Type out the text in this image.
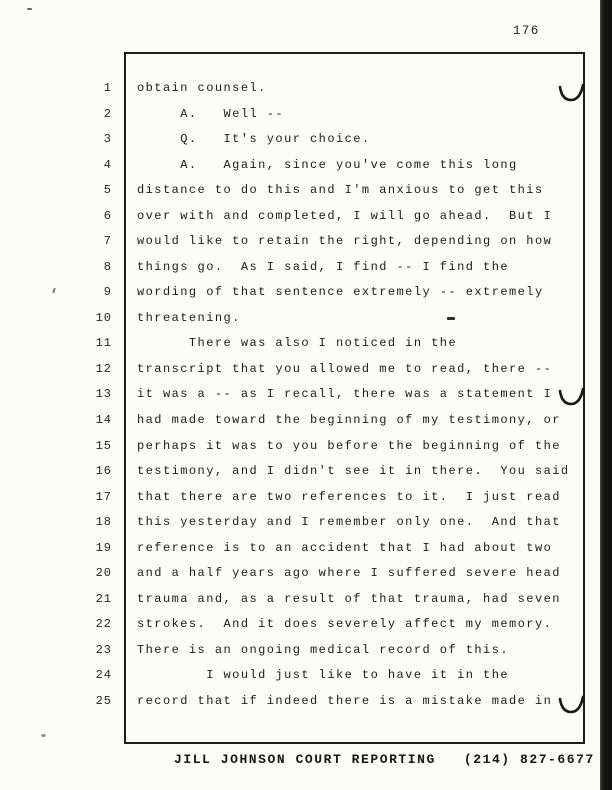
176
1 obtain counsel.
2 A.   Well --
3 Q.   It's your choice.
4 A.   Again, since you've come this long
5 distance to do this and I'm anxious to get this
6 over with and completed, I will go ahead.  But I
7 would like to retain the right, depending on how
8 things go.  As I said, I find -- I find the
9 wording of that sentence extremely -- extremely
10 threatening.
11 There was also I noticed in the
12 transcript that you allowed me to read, there --
13 it was a -- as I recall, there was a statement I
14 had made toward the beginning of my testimony, or
15 perhaps it was to you before the beginning of the
16 testimony, and I didn't see it in there.  You said
17 that there are two references to it.  I just read
18 this yesterday and I remember only one.  And that
19 reference is to an accident that I had about two
20 and a half years ago where I suffered severe head
21 trauma and, as a result of that trauma, had seven
22 strokes.  And it does severely affect my memory.
23 There is an ongoing medical record of this.
24 I would just like to have it in the
25 record that if indeed there is a mistake made in
JILL JOHNSON COURT REPORTING   (214) 827-6677
